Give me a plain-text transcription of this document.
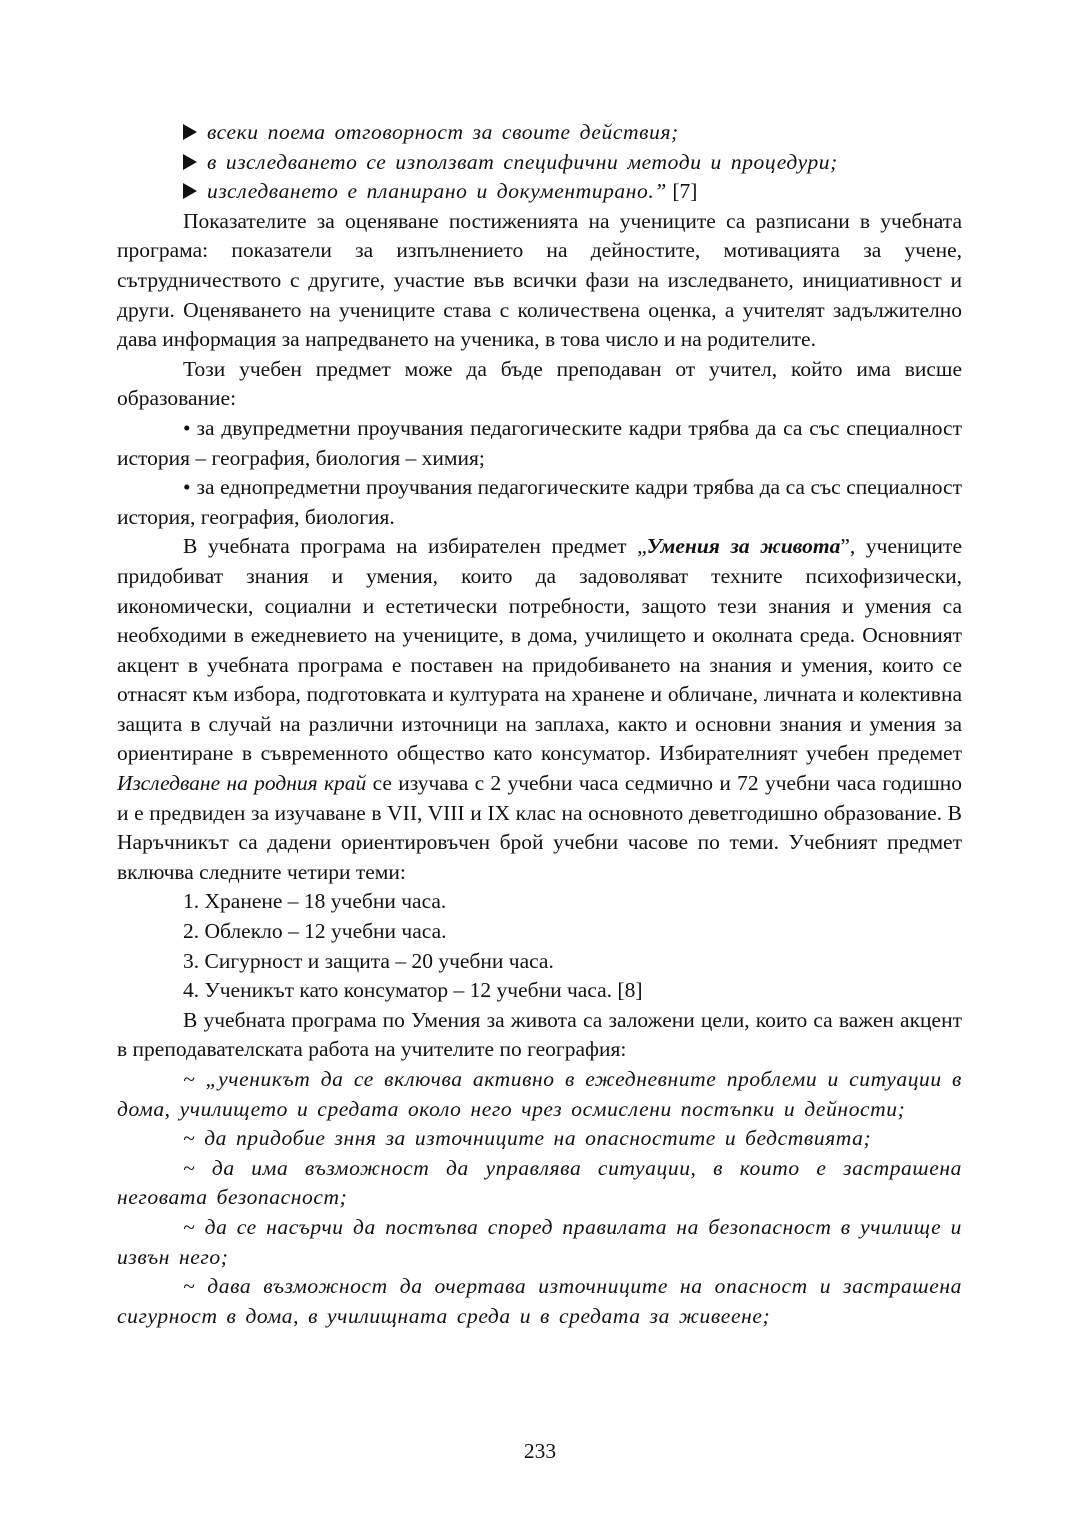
всеки поема отговорност за своите действия;

в изследването се използват специфични методи и процедури;

изследването е планирано и документирано.” [7]

Показателите за оценяване постиженията на учениците са разписани в учебната програма: показатели за изпълнението на дейностите, мотивацията за учене, сътрудничеството с другите, участие във всички фази на изследването, инициативност и други. Оценяването на учениците става с количествена оценка, а учителят задължително дава информация за напредването на ученика, в това число и на родителите.

Този учебен предмет може да бъде преподаван от учител, който има висше образование:

• за двупредметни проучвания педагогическите кадри трябва да са със специалност история – география, биология – химия;

• за еднопредметни проучвания педагогическите кадри трябва да са със специалност история, география, биология.

В учебната програма на избирателен предмет „Умения за живота”, учениците придобиват знания и умения, които да задоволяват техните психофизически, икономически, социални и естетически потребности, защото тези знания и умения са необходими в ежедневието на учениците, в дома, училището и околната среда. Основният акцент в учебната програма е поставен на придобиването на знания и умения, които се отнасят към избора, подготовката и културата на хранене и обличане, личната и колективна защита в случай на различни източници на заплаха, както и основни знания и умения за ориентиране в съвременното общество като консуматор. Избирателният учебен предемет Изследване на родния край се изучава с 2 учебни часа седмично и 72 учебни часа годишно и е предвиден за изучаване в VII, VIII и IX клас на основното деветгодишно образование. В Наръчникът са дадени ориентировъчен брой учебни часове по теми. Учебният предмет включва следните четири теми:

1. Хранене – 18 учебни часа.

2. Облекло – 12 учебни часа.

3. Сигурност и защита – 20 учебни часа.

4. Ученикът като консуматор – 12 учебни часа. [8]

В учебната програма по Умения за живота са заложени цели, които са важен акцент в преподавателската работа на учителите по география:

~ „ученикът да се включва активно в ежедневните проблеми и ситуации в дома, училището и средата около него чрез осмислени постъпки и дейности;

~ да придобие зння за източниците на опасностите и бедствията;

~ да има възможност да управлява ситуации, в които е застрашена неговата безопасност;

~ да се насърчи да постъпва според правилата на безопасност в училище и извън него;

~ дава възможност да очертава източниците на опасност и застрашена сигурност в дома, в училищната среда и в средата за живеене;

233
